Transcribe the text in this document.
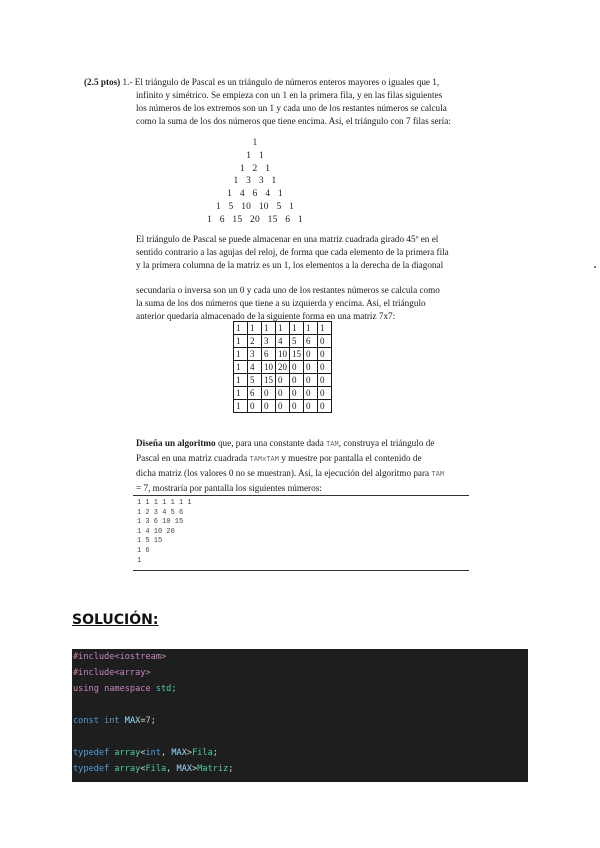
(2.5 ptos) 1.- El triángulo de Pascal es un triángulo de números enteros mayores o iguales que 1,
infinito y simétrico. Se empieza con un 1 en la primera fila, y en las filas siguientes
los números de los extremos son un 1 y cada uno de los restantes números se calcula
como la suma de los dos números que tiene encima. Así, el triángulo con 7 filas sería:
1
1   1
1   2   1
1   3   3   1
1   4   6   4   1
1   5   10   10   5   1
1   6   15   20   15   6   1
El triángulo de Pascal se puede almacenar en una matriz cuadrada girado 45º en el
sentido contrario a las agujas del reloj, de forma que cada elemento de la primera fila
y la primera columna de la matriz es un 1, los elementos a la derecha de la diagonal
secundaria o inversa son un 0 y cada uno de los restantes números se calcula como
la suma de los dos números que tiene a su izquierda y encima. Así, el triángulo
anterior quedaría almacenado de la siguiente forma en una matriz 7x7:
1	1	1	1	1	1	1
1	2	3	4	5	6	0
1	3	6	10	15	0	0
1	4	10	20	0	0	0
1	5	15	0	0	0	0
1	6	0	0	0	0	0
1	0	0	0	0	0	0
Diseña un algoritmo que, para una constante dada TAM, construya el triángulo de
Pascal en una matriz cuadrada TAMxTAM y muestre por pantalla el contenido de
dicha matriz (los valores 0 no se muestran). Así, la ejecución del algoritmo para TAM
= 7, mostraría por pantalla los siguientes números:
1 1 1 1 1 1 1
1 2 3 4 5 6
1 3 6 10 15
1 4 10 20
1 5 15
1 6
1
SOLUCIÓN:
#include<iostream>
#include<array>
using namespace std;
const int MAX=7;
typedef array<int, MAX>Fila;
typedef array<Fila, MAX>Matriz;
